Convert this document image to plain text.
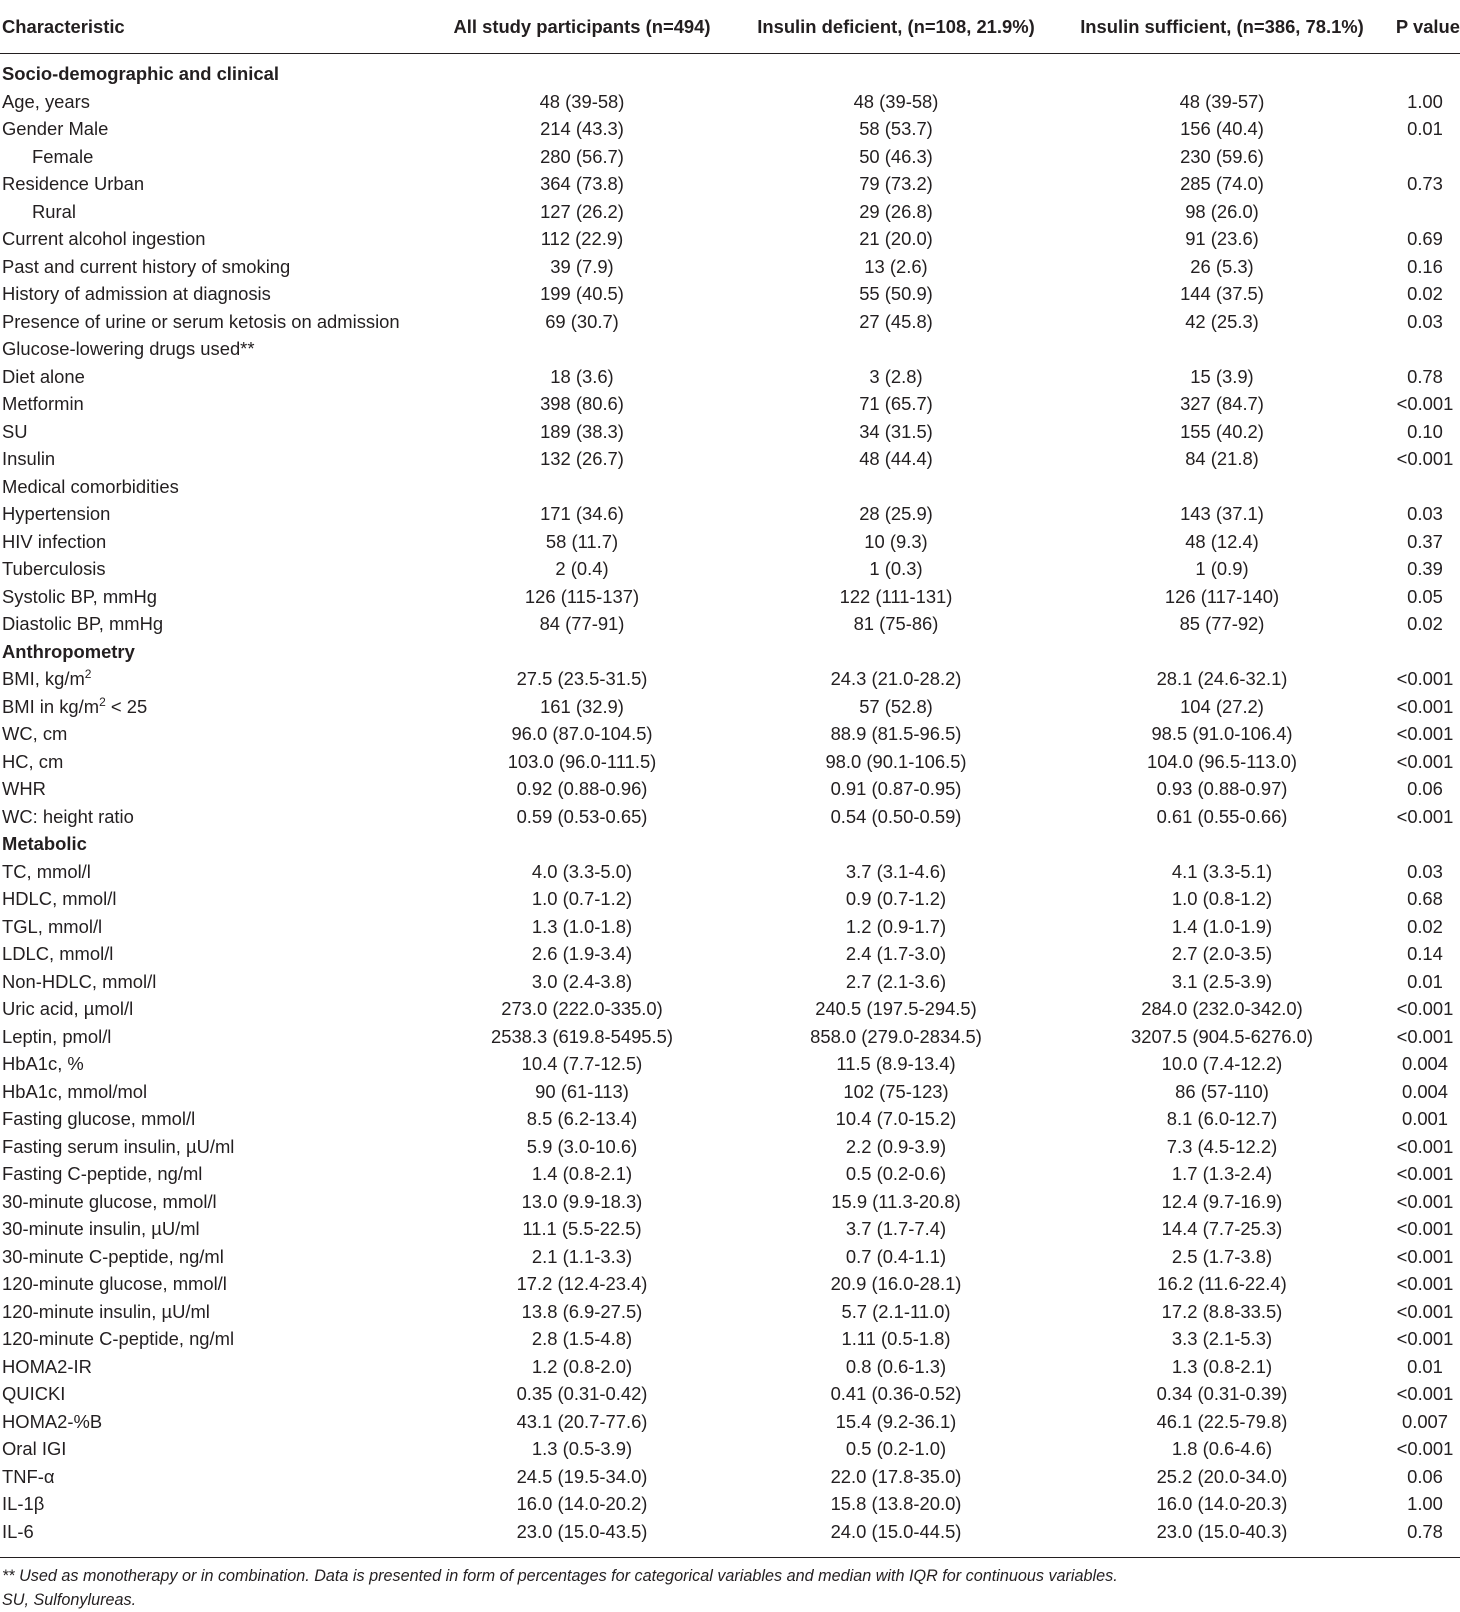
Characteristic	All study participants (n=494)	Insulin deficient, (n=108, 21.9%)	Insulin sufficient, (n=386, 78.1%)	P value
Socio-demographic and clinical				
Age, years	48 (39-58)	48 (39-58)	48 (39-57)	1.00
Gender Male	214 (43.3)	58 (53.7)	156 (40.4)	0.01
Female	280 (56.7)	50 (46.3)	230 (59.6)	
Residence Urban	364 (73.8)	79 (73.2)	285 (74.0)	0.73
Rural	127 (26.2)	29 (26.8)	98 (26.0)	
Current alcohol ingestion	112 (22.9)	21 (20.0)	91 (23.6)	0.69
Past and current history of smoking	39 (7.9)	13 (2.6)	26 (5.3)	0.16
History of admission at diagnosis	199 (40.5)	55 (50.9)	144 (37.5)	0.02
Presence of urine or serum ketosis on admission	69 (30.7)	27 (45.8)	42 (25.3)	0.03
Glucose-lowering drugs used**				
Diet alone	18 (3.6)	3 (2.8)	15 (3.9)	0.78
Metformin	398 (80.6)	71 (65.7)	327 (84.7)	<0.001
SU	189 (38.3)	34 (31.5)	155 (40.2)	0.10
Insulin	132 (26.7)	48 (44.4)	84 (21.8)	<0.001
Medical comorbidities				
Hypertension	171 (34.6)	28 (25.9)	143 (37.1)	0.03
HIV infection	58 (11.7)	10 (9.3)	48 (12.4)	0.37
Tuberculosis	2 (0.4)	1 (0.3)	1 (0.9)	0.39
Systolic BP, mmHg	126 (115-137)	122 (111-131)	126 (117-140)	0.05
Diastolic BP, mmHg	84 (77-91)	81 (75-86)	85 (77-92)	0.02
Anthropometry				
BMI, $kg/m^2$	27.5 (23.5-31.5)	24.3 (21.0-28.2)	28.1 (24.6-32.1)	<0.001
BMI in $kg/m^2 < 25$	161 (32.9)	57 (52.8)	104 (27.2)	<0.001
WC, cm	96.0 (87.0-104.5)	88.9 (81.5-96.5)	98.5 (91.0-106.4)	<0.001
HC, cm	103.0 (96.0-111.5)	98.0 (90.1-106.5)	104.0 (96.5-113.0)	<0.001
WHR	0.92 (0.88-0.96)	0.91 (0.87-0.95)	0.93 (0.88-0.97)	0.06
WC: height ratio	0.59 (0.53-0.65)	0.54 (0.50-0.59)	0.61 (0.55-0.66)	<0.001
Metabolic				
TC, mmol/l	4.0 (3.3-5.0)	3.7 (3.1-4.6)	4.1 (3.3-5.1)	0.03
HDLC, mmol/l	1.0 (0.7-1.2)	0.9 (0.7-1.2)	1.0 (0.8-1.2)	0.68
TGL, mmol/l	1.3 (1.0-1.8)	1.2 (0.9-1.7)	1.4 (1.0-1.9)	0.02
LDLC, mmol/l	2.6 (1.9-3.4)	2.4 (1.7-3.0)	2.7 (2.0-3.5)	0.14
Non-HDLC, mmol/l	3.0 (2.4-3.8)	2.7 (2.1-3.6)	3.1 (2.5-3.9)	0.01
Uric acid, µmol/l	273.0 (222.0-335.0)	240.5 (197.5-294.5)	284.0 (232.0-342.0)	<0.001
Leptin, pmol/l	2538.3 (619.8-5495.5)	858.0 (279.0-2834.5)	3207.5 (904.5-6276.0)	<0.001
HbA1c, %	10.4 (7.7-12.5)	11.5 (8.9-13.4)	10.0 (7.4-12.2)	0.004
HbA1c, mmol/mol	90 (61-113)	102 (75-123)	86 (57-110)	0.004
Fasting glucose, mmol/l	8.5 (6.2-13.4)	10.4 (7.0-15.2)	8.1 (6.0-12.7)	0.001
Fasting serum insulin, µU/ml	5.9 (3.0-10.6)	2.2 (0.9-3.9)	7.3 (4.5-12.2)	<0.001
Fasting C-peptide, ng/ml	1.4 (0.8-2.1)	0.5 (0.2-0.6)	1.7 (1.3-2.4)	<0.001
30-minute glucose, mmol/l	13.0 (9.9-18.3)	15.9 (11.3-20.8)	12.4 (9.7-16.9)	<0.001
30-minute insulin, µU/ml	11.1 (5.5-22.5)	3.7 (1.7-7.4)	14.4 (7.7-25.3)	<0.001
30-minute C-peptide, ng/ml	2.1 (1.1-3.3)	0.7 (0.4-1.1)	2.5 (1.7-3.8)	<0.001
120-minute glucose, mmol/l	17.2 (12.4-23.4)	20.9 (16.0-28.1)	16.2 (11.6-22.4)	<0.001
120-minute insulin, µU/ml	13.8 (6.9-27.5)	5.7 (2.1-11.0)	17.2 (8.8-33.5)	<0.001
120-minute C-peptide, ng/ml	2.8 (1.5-4.8)	1.11 (0.5-1.8)	3.3 (2.1-5.3)	<0.001
HOMA2-IR	1.2 (0.8-2.0)	0.8 (0.6-1.3)	1.3 (0.8-2.1)	0.01
QUICKI	0.35 (0.31-0.42)	0.41 (0.36-0.52)	0.34 (0.31-0.39)	<0.001
HOMA2-%B	43.1 (20.7-77.6)	15.4 (9.2-36.1)	46.1 (22.5-79.8)	0.007
Oral IGI	1.3 (0.5-3.9)	0.5 (0.2-1.0)	1.8 (0.6-4.6)	<0.001
TNF-α	24.5 (19.5-34.0)	22.0 (17.8-35.0)	25.2 (20.0-34.0)	0.06
IL-1β	16.0 (14.0-20.2)	15.8 (13.8-20.0)	16.0 (14.0-20.3)	1.00
IL-6	23.0 (15.0-43.5)	24.0 (15.0-44.5)	23.0 (15.0-40.3)	0.78
** Used as monotherapy or in combination. Data is presented in form of percentages for categorical variables and median with IQR for continuous variables.
SU, Sulfonylureas.
